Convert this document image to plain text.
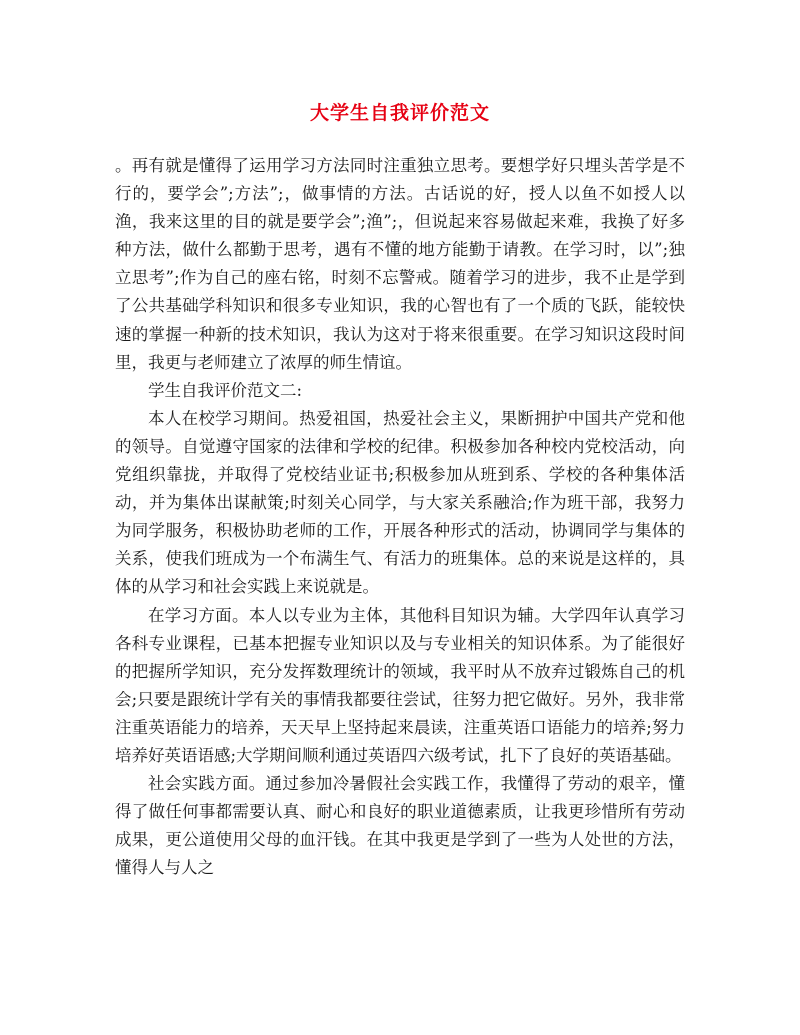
大学生自我评价范文

。再有就是懂得了运用学习方法同时注重独立思考。要想学好只埋头苦学是不行的，要学会”;方法”;，做事情的方法。古话说的好，授人以鱼不如授人以渔，我来这里的目的就是要学会”;渔”;，但说起来容易做起来难，我换了好多种方法，做什么都勤于思考，遇有不懂的地方能勤于请教。在学习时，以”;独立思考”;作为自己的座右铭，时刻不忘警戒。随着学习的进步，我不止是学到了公共基础学科知识和很多专业知识，我的心智也有了一个质的飞跃，能较快速的掌握一种新的技术知识，我认为这对于将来很重要。在学习知识这段时间里，我更与老师建立了浓厚的师生情谊。

学生自我评价范文二:

本人在校学习期间。热爱祖国，热爱社会主义，果断拥护中国共产党和他的领导。自觉遵守国家的法律和学校的纪律。积极参加各种校内党校活动，向党组织靠拢，并取得了党校结业证书;积极参加从班到系、学校的各种集体活动，并为集体出谋献策;时刻关心同学，与大家关系融洽;作为班干部，我努力为同学服务，积极协助老师的工作，开展各种形式的活动，协调同学与集体的关系，使我们班成为一个布满生气、有活力的班集体。总的来说是这样的，具体的从学习和社会实践上来说就是。

在学习方面。本人以专业为主体，其他科目知识为辅。大学四年认真学习各科专业课程，已基本把握专业知识以及与专业相关的知识体系。为了能很好的把握所学知识，充分发挥数理统计的领域，我平时从不放弃过锻炼自己的机会;只要是跟统计学有关的事情我都要往尝试，往努力把它做好。另外，我非常注重英语能力的培养，天天早上坚持起来晨读，注重英语口语能力的培养;努力培养好英语语感;大学期间顺利通过英语四六级考试，扎下了良好的英语基础。

社会实践方面。通过参加冷暑假社会实践工作，我懂得了劳动的艰辛，懂得了做任何事都需要认真、耐心和良好的职业道德素质，让我更珍惜所有劳动成果，更公道使用父母的血汗钱。在其中我更是学到了一些为人处世的方法，懂得人与人之
